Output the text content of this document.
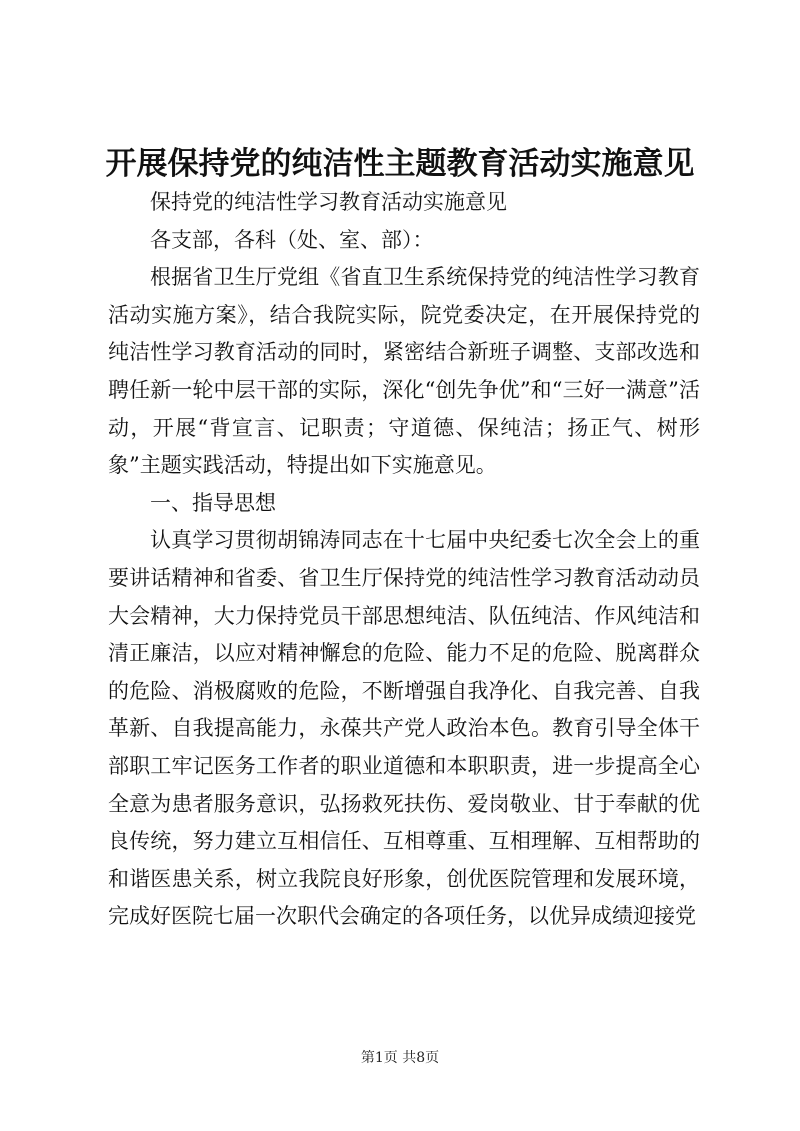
开展保持党的纯洁性主题教育活动实施意见

保持党的纯洁性学习教育活动实施意见

各支部，各科（处、室、部）：

根据省卫生厅党组《省直卫生系统保持党的纯洁性学习教育活动实施方案》，结合我院实际，院党委决定，在开展保持党的纯洁性学习教育活动的同时，紧密结合新班子调整、支部改选和聘任新一轮中层干部的实际，深化“创先争优”和“三好一满意”活动，开展“背宣言、记职责；守道德、保纯洁；扬正气、树形象”主题实践活动，特提出如下实施意见。

一、指导思想

认真学习贯彻胡锦涛同志在十七届中央纪委七次全会上的重要讲话精神和省委、省卫生厅保持党的纯洁性学习教育活动动员大会精神，大力保持党员干部思想纯洁、队伍纯洁、作风纯洁和清正廉洁，以应对精神懈怠的危险、能力不足的危险、脱离群众的危险、消极腐败的危险，不断增强自我净化、自我完善、自我革新、自我提高能力，永葆共产党人政治本色。教育引导全体干部职工牢记医务工作者的职业道德和本职职责，进一步提高全心全意为患者服务意识，弘扬救死扶伤、爱岗敬业、甘于奉献的优良传统，努力建立互相信任、互相尊重、互相理解、互相帮助的和谐医患关系，树立我院良好形象，创优医院管理和发展环境，完成好医院七届一次职代会确定的各项任务，以优异成绩迎接党

第1页 共8页
